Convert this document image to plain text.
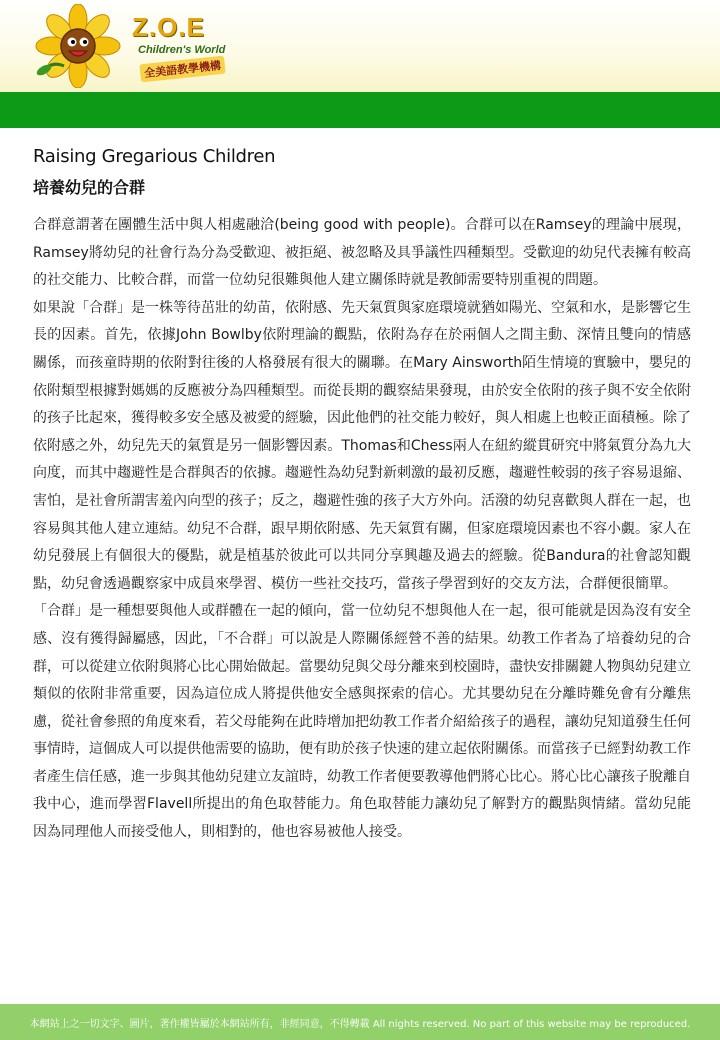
Z.O.E
Children's World
全美語教學機構
Raising Gregarious Children
培養幼兒的合群

合群意謂著在團體生活中與人相處融洽(being good with people)。合群可以在Ramsey的理論中展現，Ramsey將幼兒的社會行為分為受歡迎、被拒絕、被忽略及具爭議性四種類型。受歡迎的幼兒代表擁有較高的社交能力、比較合群，而當一位幼兒很難與他人建立關係時就是教師需要特別重視的問題。

如果說「合群」是一株等待茁壯的幼苗，依附感、先天氣質與家庭環境就猶如陽光、空氣和水，是影響它生長的因素。首先，依據John Bowlby依附理論的觀點，依附為存在於兩個人之間主動、深情且雙向的情感關係，而孩童時期的依附對往後的人格發展有很大的關聯。在Mary Ainsworth陌生情境的實驗中，嬰兒的依附類型根據對媽媽的反應被分為四種類型。而從長期的觀察結果發現，由於安全依附的孩子與不安全依附的孩子比起來，獲得較多安全感及被愛的經驗，因此他們的社交能力較好，與人相處上也較正面積極。除了依附感之外，幼兒先天的氣質是另一個影響因素。Thomas和Chess兩人在紐約縱貫研究中將氣質分為九大向度，而其中趨避性是合群與否的依據。趨避性為幼兒對新刺激的最初反應，趨避性較弱的孩子容易退縮、害怕，是社會所謂害羞內向型的孩子；反之，趨避性強的孩子大方外向。活潑的幼兒喜歡與人群在一起，也容易與其他人建立連結。幼兒不合群，跟早期依附感、先天氣質有關，但家庭環境因素也不容小覷。家人在幼兒發展上有個很大的優點，就是植基於彼此可以共同分享興趣及過去的經驗。從Bandura的社會認知觀點，幼兒會透過觀察家中成員來學習、模仿一些社交技巧，當孩子學習到好的交友方法，合群便很簡單。

「合群」是一種想要與他人或群體在一起的傾向，當一位幼兒不想與他人在一起，很可能就是因為沒有安全感、沒有獲得歸屬感，因此，「不合群」可以說是人際關係經營不善的結果。幼教工作者為了培養幼兒的合群，可以從建立依附與將心比心開始做起。當嬰幼兒與父母分離來到校園時，盡快安排關鍵人物與幼兒建立類似的依附非常重要，因為這位成人將提供他安全感與探索的信心。尤其嬰幼兒在分離時難免會有分離焦慮，從社會參照的角度來看，若父母能夠在此時增加把幼教工作者介紹給孩子的過程，讓幼兒知道發生任何事情時，這個成人可以提供他需要的協助，便有助於孩子快速的建立起依附關係。而當孩子已經對幼教工作者產生信任感，進一步與其他幼兒建立友誼時，幼教工作者便要教導他們將心比心。將心比心讓孩子脫離自我中心，進而學習Flavell所提出的角色取替能力。角色取替能力讓幼兒了解對方的觀點與情緒。當幼兒能因為同理他人而接受他人，則相對的，他也容易被他人接受。

本網站上之一切文字、圖片，著作權皆屬於本網站所有，非經同意，不得轉載 All nights reserved. No part of this website may be reproduced.
